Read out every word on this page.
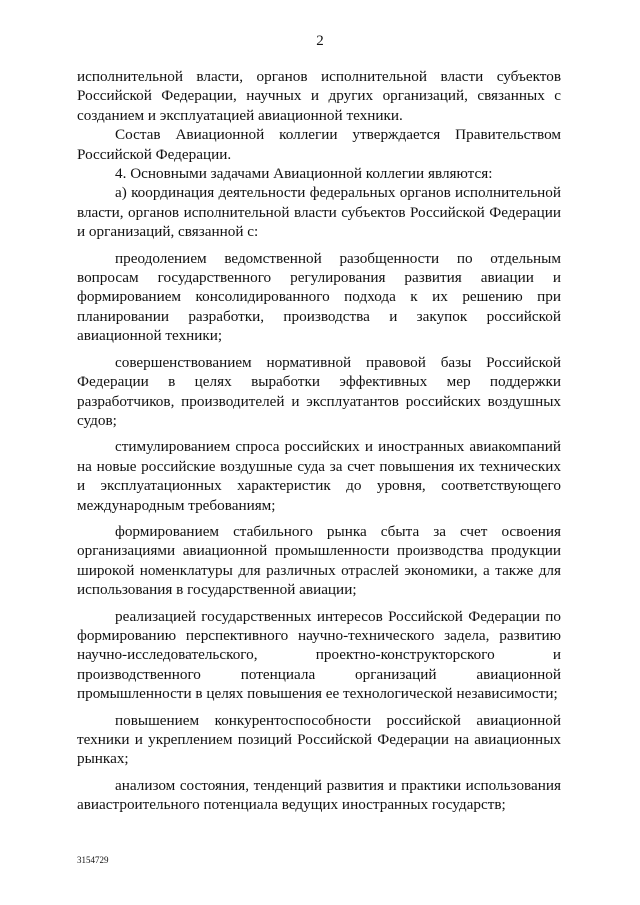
2

исполнительной власти, органов исполнительной власти субъектов Российской Федерации, научных и других организаций, связанных с созданием и эксплуатацией авиационной техники.

Состав Авиационной коллегии утверждается Правительством Российской Федерации.

4. Основными задачами Авиационной коллегии являются:

а) координация деятельности федеральных органов исполнительной власти, органов исполнительной власти субъектов Российской Федерации и организаций, связанной с:

преодолением ведомственной разобщенности по отдельным вопросам государственного регулирования развития авиации и формированием консолидированного подхода к их решению при планировании разработки, производства и закупок российской авиационной техники;

совершенствованием нормативной правовой базы Российской Федерации в целях выработки эффективных мер поддержки разработчиков, производителей и эксплуатантов российских воздушных судов;

стимулированием спроса российских и иностранных авиакомпаний на новые российские воздушные суда за счет повышения их технических и эксплуатационных характеристик до уровня, соответствующего международным требованиям;

формированием стабильного рынка сбыта за счет освоения организациями авиационной промышленности производства продукции широкой номенклатуры для различных отраслей экономики, а также для использования в государственной авиации;

реализацией государственных интересов Российской Федерации по формированию перспективного научно-технического задела, развитию научно-исследовательского, проектно-конструкторского и производственного потенциала организаций авиационной промышленности в целях повышения ее технологической независимости;

повышением конкурентоспособности российской авиационной техники и укреплением позиций Российской Федерации на авиационных рынках;

анализом состояния, тенденций развития и практики использования авиастроительного потенциала ведущих иностранных государств;

3154729
